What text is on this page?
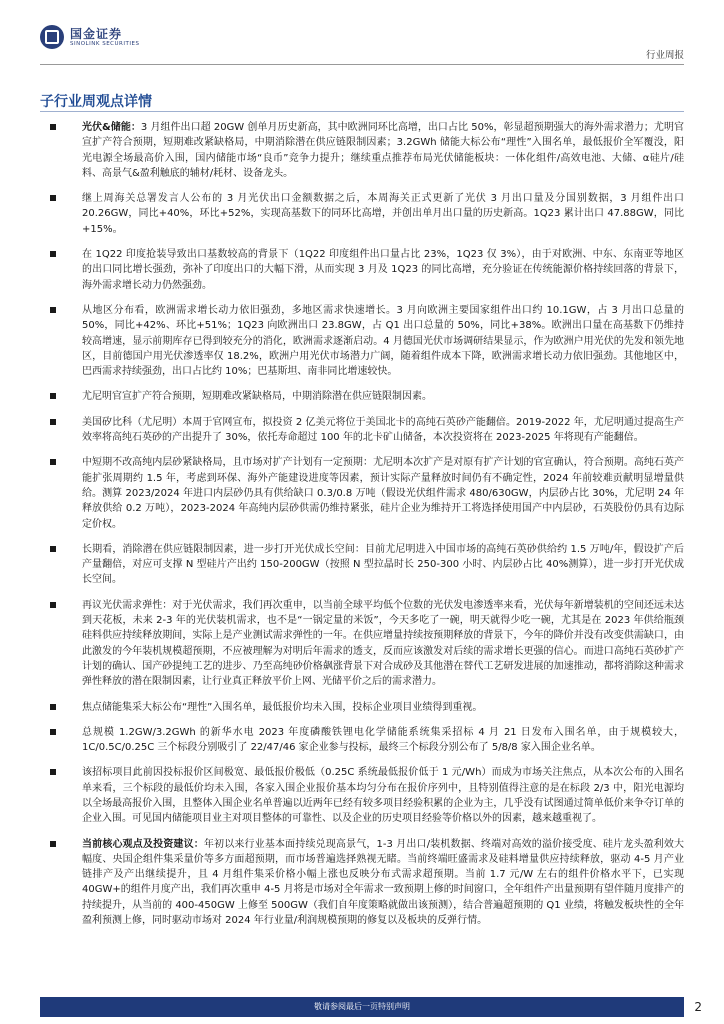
国金证券
SINOLINK SECURITIES
行业周报
子行业周观点详情
光伏&储能：3 月组件出口超 20GW 创单月历史新高，其中欧洲同环比高增，出口占比 50%，彰显超预期强大的海外需求潜力；尤明官宣扩产符合预期，短期难改紧缺格局，中期消除潜在供应链限制因素；3.2GWh 储能大标公布“理性”入围名单，最低报价全军覆没，阳光电源全场最高价入围，国内储能市场“良币”竞争力提升；继续重点推荐布局光伏储能板块：一体化组件/高效电池、大储、α硅片/硅料、高景气&盈利触底的辅材/耗材、设备龙头。
继上周海关总署发言人公布的 3 月光伏出口金额数据之后，本周海关正式更新了光伏 3 月出口量及分国别数据，3 月组件出口 20.26GW，同比+40%，环比+52%，实现高基数下的同环比高增，并创出单月出口量的历史新高。1Q23 累计出口 47.88GW，同比+15%。
在 1Q22 印度抢装导致出口基数较高的背景下（1Q22 印度组件出口量占比 23%，1Q23 仅 3%），由于对欧洲、中东、东南亚等地区的出口同比增长强劲，弥补了印度出口的大幅下滑，从而实现 3 月及 1Q23 的同比高增，充分验证在传统能源价格持续回落的背景下，海外需求增长动力仍然强劲。
从地区分布看，欧洲需求增长动力依旧强劲，多地区需求快速增长。3 月向欧洲主要国家组件出口约 10.1GW，占 3 月出口总量的 50%，同比+42%、环比+51%；1Q23 向欧洲出口 23.8GW，占 Q1 出口总量的 50%，同比+38%。欧洲出口量在高基数下仍维持较高增速，显示前期库存已得到较充分的消化，欧洲需求逐渐启动。4 月德国光伏市场调研结果显示，作为欧洲户用光伏的先发和领先地区，目前德国户用光伏渗透率仅 18.2%，欧洲户用光伏市场潜力广阔，随着组件成本下降，欧洲需求增长动力依旧强劲。其他地区中，巴西需求持续强劲，出口占比约 10%；巴基斯坦、南非同比增速较快。
尤尼明官宣扩产符合预期，短期难改紧缺格局，中期消除潜在供应链限制因素。
美国矽比科（尤尼明）本周于官网宣布，拟投资 2 亿美元将位于美国北卡的高纯石英砂产能翻倍。2019-2022 年，尤尼明通过提高生产效率将高纯石英砂的产出提升了 30%，依托寿命超过 100 年的北卡矿山储备，本次投资将在 2023-2025 年将现有产能翻倍。
中短期不改高纯内层砂紧缺格局，且市场对扩产计划有一定预期：尤尼明本次扩产是对原有扩产计划的官宣确认，符合预期。高纯石英产能扩张周期约 1.5 年，考虑到环保、海外产能建设进度等因素，预计实际产量释放时间仍有不确定性，2024 年前较难贡献明显增量供给。测算 2023/2024 年进口内层砂仍具有供给缺口 0.3/0.8 万吨（假设光伏组件需求 480/630GW，内层砂占比 30%，尤尼明 24 年释放供给 0.2 万吨），2023-2024 年高纯内层砂供需仍维持紧张，硅片企业为维持开工将选择使用国产中内层砂，石英股份仍具有边际定价权。
长期看，消除潜在供应链限制因素，进一步打开光伏成长空间：目前尤尼明进入中国市场的高纯石英砂供给约 1.5 万吨/年，假设扩产后产量翻倍，对应可支撑 N 型硅片产出约 150-200GW（按照 N 型拉晶时长 250-300 小时、内层砂占比 40%测算），进一步打开光伏成长空间。
再议光伏需求弹性：对于光伏需求，我们再次重申，以当前全球平均低个位数的光伏发电渗透率来看，光伏每年新增装机的空间还远未达到天花板，未来 2-3 年的光伏装机需求，也不是“一锅定量的米饭”，今天多吃了一碗，明天就得少吃一碗，尤其是在 2023 年供给瓶颈硅料供应持续释放期间，实际上是产业测试需求弹性的一年。在供应增量持续按预期释放的背景下，今年的降价并没有改变供需缺口，由此激发的今年装机规模超预期，不应被理解为对明后年需求的透支，反而应该激发对后续的需求增长更强的信心。而进口高纯石英砂扩产计划的确认、国产砂提纯工艺的进步、乃至高纯砂价格飙涨背景下对合成砂及其他潜在替代工艺研发进展的加速推动，都将消除这种需求弹性释放的潜在限制因素，让行业真正释放平价上网、光储平价之后的需求潜力。
焦点储能集采大标公布“理性”入围名单，最低报价均未入围，投标企业项目业绩得到重视。
总规模 1.2GW/3.2GWh 的新华水电 2023 年度磷酸铁锂电化学储能系统集采招标 4 月 21 日发布入围名单，由于规模较大，1C/0.5C/0.25C 三个标段分别吸引了 22/47/46 家企业参与投标，最终三个标段分别公布了 5/8/8 家入围企业名单。
该招标项目此前因投标报价区间极宽、最低报价极低（0.25C 系统最低报价低于 1 元/Wh）而成为市场关注焦点，从本次公布的入围名单来看，三个标段的最低价均未入围，各家入围企业报价基本均匀分布在报价序列中，且特别值得注意的是在标段 2/3 中，阳光电源均以全场最高报价入围，且整体入围企业名单普遍以近两年已经有较多项目经验积累的企业为主，几乎没有试图通过简单低价来争夺订单的企业入围。可见国内储能项目业主对项目整体的可靠性、以及企业的历史项目经验等价格以外的因素，越来越重视了。
当前核心观点及投资建议：年初以来行业基本面持续兑现高景气，1-3 月出口/装机数据、终端对高效的溢价接受度、硅片龙头盈利效大幅度、央国企组件集采量价等多方面超预期，而市场普遍选择熟视无睹。当前终端旺盛需求及硅料增量供应持续释放，驱动 4-5 月产业链排产及产出继续提升，且 4 月组件集采价格小幅上涨也反映分布式需求超预期。当前 1.7 元/W 左右的组件价格水平下，已实现 40GW+的组件月度产出，我们再次重申 4-5 月将是市场对全年需求一致预期上修的时间窗口，全年组件产出量预期有望伴随月度排产的持续提升，从当前的 400-450GW 上修至 500GW（我们自年度策略就做出该预测），结合普遍超预期的 Q1 业绩，将触发板块性的全年盈利预测上修，同时驱动市场对 2024 年行业量/利润规模预期的修复以及板块的反弹行情。
敬请参阅最后一页特别声明	2
